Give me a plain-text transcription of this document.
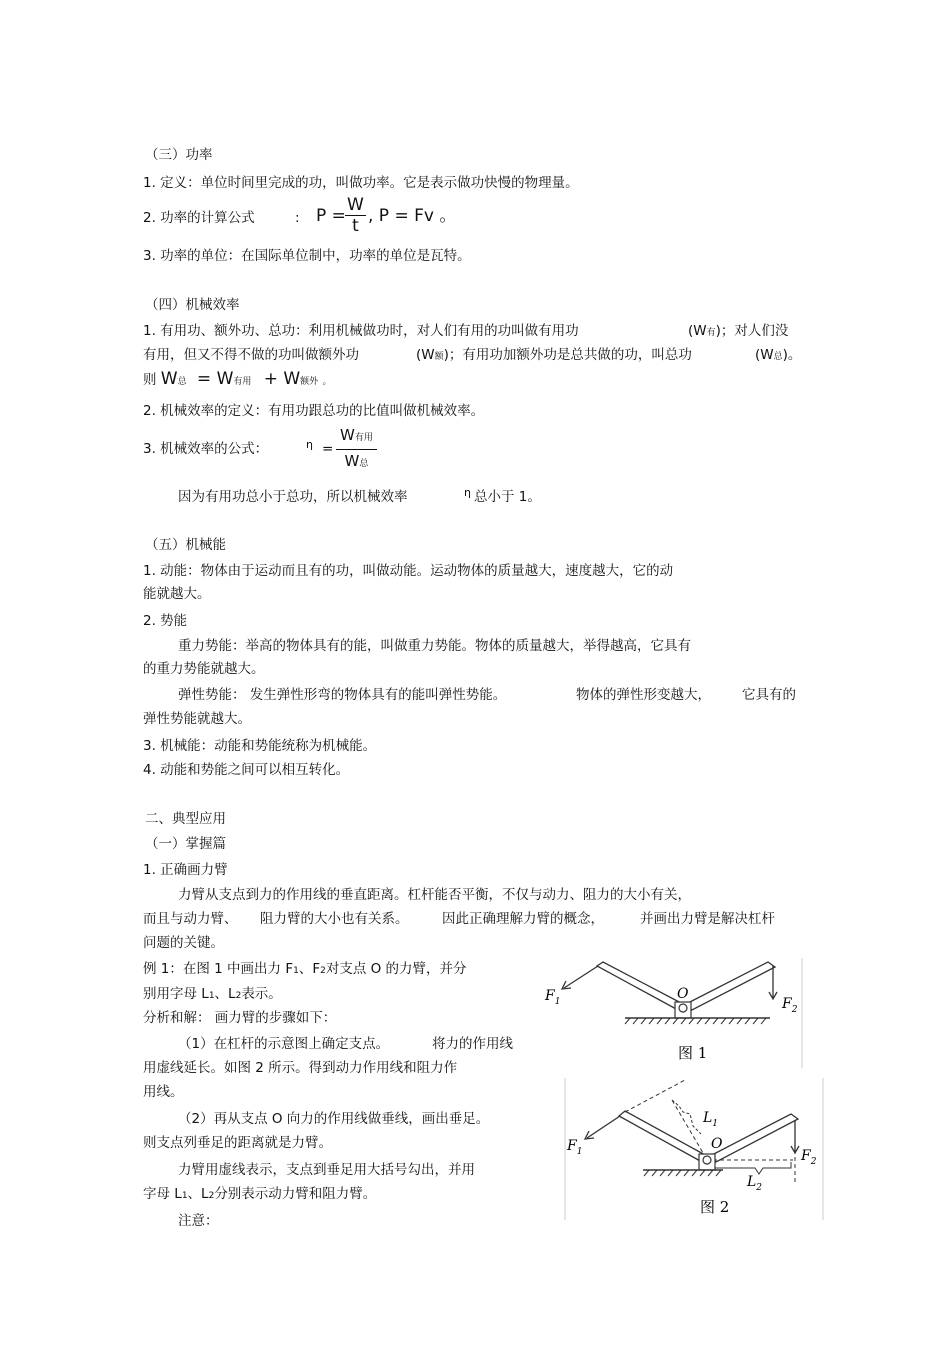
（三）功率
1. 定义：单位时间里完成的功，叫做功率。它是表示做功快慢的物理量。
2. 功率的计算公式	: $P = \frac{W}{t}$ , P = Fv 。
3. 功率的单位：在国际单位制中，功率的单位是瓦特。
（四）机械效率
1. 有用功、额外功、总功：利用机械做功时，对人们有用的功叫做有用功	(W有)；对人们没
有用，但又不得不做的功叫做额外功	(W额)；有用功加额外功是总共做的功，叫总功	(W总)。
则 W总 = W有用 + W额外 。
2. 机械效率的定义：有用功跟总功的比值叫做机械效率。
3. 机械效率的公式：	η =
W有用
W总
因为有用功总小于总功，所以机械效率	η 总小于 1。
（五）机械能
1. 动能：物体由于运动而且有的功，叫做动能。运动物体的质量越大，速度越大，它的动
能就越大。
2. 势能
重力势能：举高的物体具有的能，叫做重力势能。物体的质量越大，举得越高，它具有
的重力势能就越大。
弹性势能： 发生弹性形弯的物体具有的能叫弹性势能。	物体的弹性形变越大， 它具有的
弹性势能就越大。
3. 机械能：动能和势能统称为机械能。
4. 动能和势能之间可以相互转化。
二、典型应用
（一）掌握篇
1. 正确画力臂
力臂从支点到力的作用线的垂直距离。杠杆能否平衡，不仅与动力、阻力的大小有关，
而且与动力臂、 阻力臂的大小也有关系。 因此正确理解力臂的概念，	并画出力臂是解决杠杆
问题的关键。
例 1：在图 1 中画出力 F1、F2对支点 O 的力臂，并分
别用字母 L1、L2表示。
分析和解： 画力臂的步骤如下：
（1）在杠杆的示意图上确定支点。	将力的作用线
用虚线延长。如图 2 所示。得到动力作用线和阻力作
用线。
（2）再从支点 O 向力的作用线做垂线，画出垂足。
则支点列垂足的距离就是力臂。
力臂用虚线表示，支点到垂足用大括号勾出，并用
字母 L1、L2分别表示动力臂和阻力臂。
注意：
$F_1$	$F_2$
O
图 1
$F_1$	$F_2$
O
$L_1$
$L_2$
图 2
